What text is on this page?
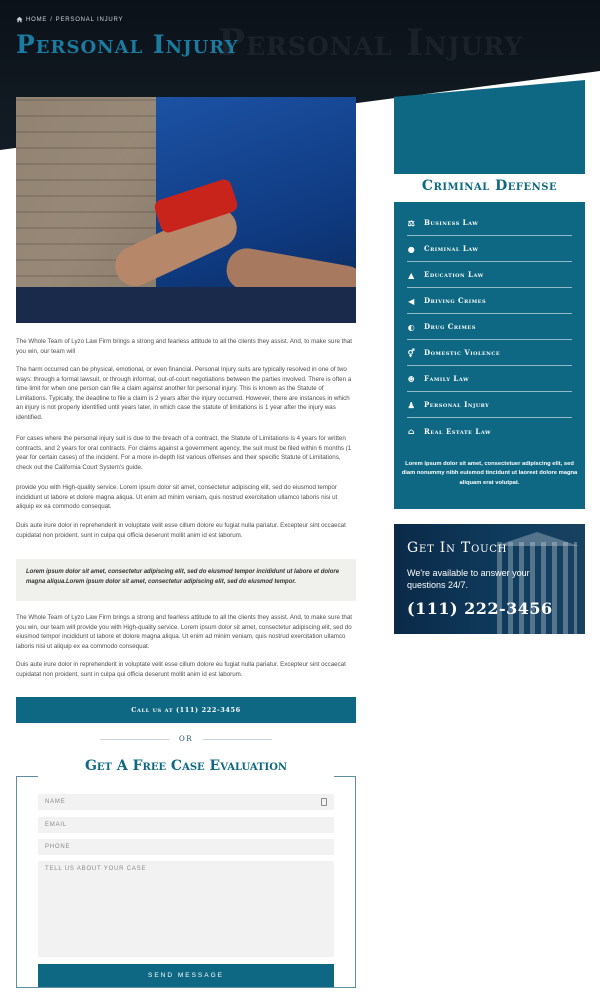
Personal Injury
HOME / PERSONAL INJURY
Personal Injury

The Whole Team of Lyzo Law Firm brings a strong and fearless attitude to all the clients they assist. And, to make sure that you win, our team will

The harm occurred can be physical, emotional, or even financial. Personal Injury suits are typically resolved in one of two ways: through a formal lawsuit, or through informal, out-of-court negotiations between the parties involved. There is often a time limit for when one person can file a claim against another for personal injury. This is known as the Statute of Limitations. Typically, the deadline to file a claim is 2 years after the injury occurred. However, there are instances in which an injury is not properly identified until years later, in which case the statute of limitations is 1 year after the injury was identified.

For cases where the personal injury suit is due to the breach of a contract, the Statute of Limitations is 4 years for written contracts, and 2 years for oral contracts. For claims against a government agency, the suit must be filed within 6 months (1 year for certain cases) of the incident. For a more in-depth list various offenses and their specific Statute of Limitations, check out the California Court System's guide.

provide you with High-quality service. Lorem ipsum dolor sit amet, consectetur adipiscing elit, sed do eiusmod tempor incididunt ut labore et dolore magna aliqua. Ut enim ad minim veniam, quis nostrud exercitation ullamco laboris nisi ut aliquip ex ea commodo consequat.

Duis aute irure dolor in reprehenderit in voluptate velit esse cillum dolore eu fugiat nulla pariatur. Excepteur sint occaecat cupidatat non proident, sunt in culpa qui officia deserunt mollit anim id est laborum.

Lorem ipsum dolor sit amet, consectetur adipiscing elit, sed do eiusmod tempor incididunt ut labore et dolore magna aliqua.Lorem ipsum dolor sit amet, consectetur adipiscing elit, sed do eiusmod tempor.

The Whole Team of Lyzo Law Firm brings a strong and fearless attitude to all the clients they assist. And, to make sure that you win, our team will provide you with High-quality service. Lorem ipsum dolor sit amet, consectetur adipiscing elit, sed do eiusmod tempor incididunt ut labore et dolore magna aliqua. Ut enim ad minim veniam, quis nostrud exercitation ullamco laboris nisi ut aliquip ex ea commodo consequat.

Duis aute irure dolor in reprehenderit in voluptate velit esse cillum dolore eu fugiat nulla pariatur. Excepteur sint occaecat cupidatat non proident, sunt in culpa qui officia deserunt mollit anim id est laborum.

Call us at (111) 222-3456
OR
Get A Free Case Evaluation
NAME
EMAIL
PHONE
TELL US ABOUT YOUR CASE
SEND MESSAGE
Criminal Defense
⚖ Business Law
● Criminal Law
▲ Education Law
◀ Driving Crimes
◐ Drug Crimes
⚥ Domestic Violence
☻ Family Law
♟ Personal Injury
⌂ Real Estate Law
Lorem ipsum dolor sit amet, consectetuer adipiscing elit, sed diam nonummy nibh euismod tincidunt ut laoreet dolore magna aliquam erat volutpat.
Get In Touch
We're available to answer your questions 24/7.
(111) 222-3456
